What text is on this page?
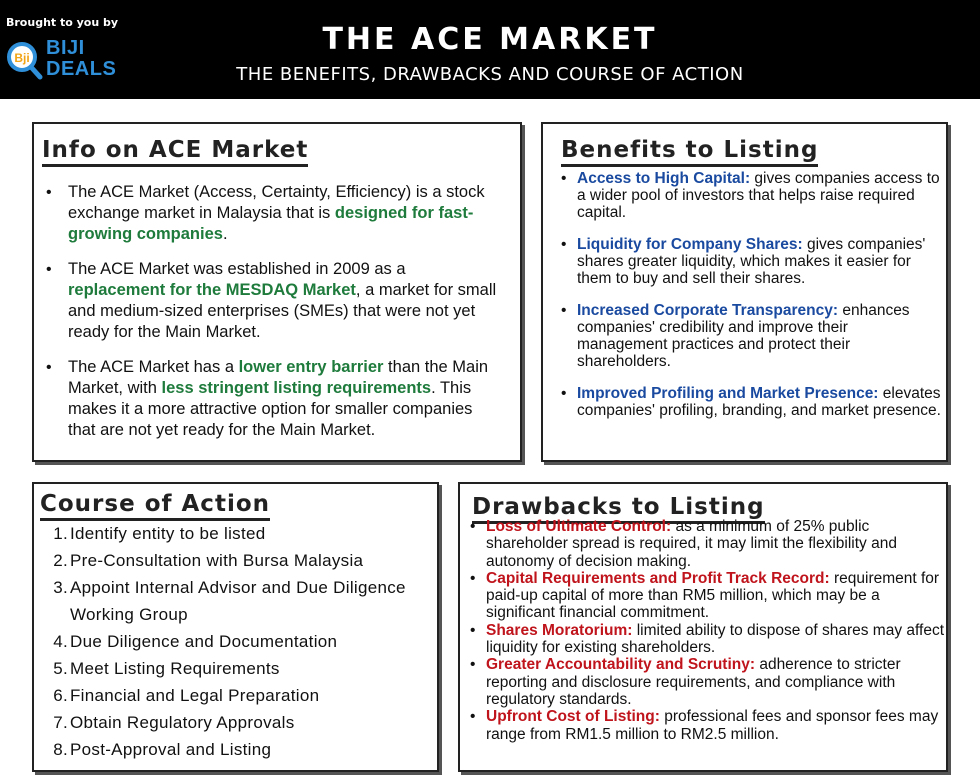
Brought to you by
Bji BIJI
DEALS
THE ACE MARKET
THE BENEFITS, DRAWBACKS AND COURSE OF ACTION
Info on ACE Market
• The ACE Market (Access, Certainty, Efficiency) is a stock exchange market in Malaysia that is designed for fast-growing companies.
• The ACE Market was established in 2009 as a replacement for the MESDAQ Market, a market for small and medium-sized enterprises (SMEs) that were not yet ready for the Main Market.
• The ACE Market has a lower entry barrier than the Main Market, with less stringent listing requirements. This makes it a more attractive option for smaller companies that are not yet ready for the Main Market.
Benefits to Listing
• Access to High Capital: gives companies access to a wider pool of investors that helps raise required capital.
• Liquidity for Company Shares: gives companies' shares greater liquidity, which makes it easier for them to buy and sell their shares.
• Increased Corporate Transparency: enhances companies' credibility and improve their management practices and protect their shareholders.
• Improved Profiling and Market Presence: elevates companies' profiling, branding, and market presence.
Course of Action
1. Identify entity to be listed
2. Pre-Consultation with Bursa Malaysia
3. Appoint Internal Advisor and Due Diligence Working Group
4. Due Diligence and Documentation
5. Meet Listing Requirements
6. Financial and Legal Preparation
7. Obtain Regulatory Approvals
8. Post-Approval and Listing
Drawbacks to Listing
• Loss of Ultimate Control: as a minimum of 25% public shareholder spread is required, it may limit the flexibility and autonomy of decision making.
• Capital Requirements and Profit Track Record: requirement for paid-up capital of more than RM5 million, which may be a significant financial commitment.
• Shares Moratorium: limited ability to dispose of shares may affect liquidity for existing shareholders.
• Greater Accountability and Scrutiny: adherence to stricter reporting and disclosure requirements, and compliance with regulatory standards.
• Upfront Cost of Listing: professional fees and sponsor fees may range from RM1.5 million to RM2.5 million.
